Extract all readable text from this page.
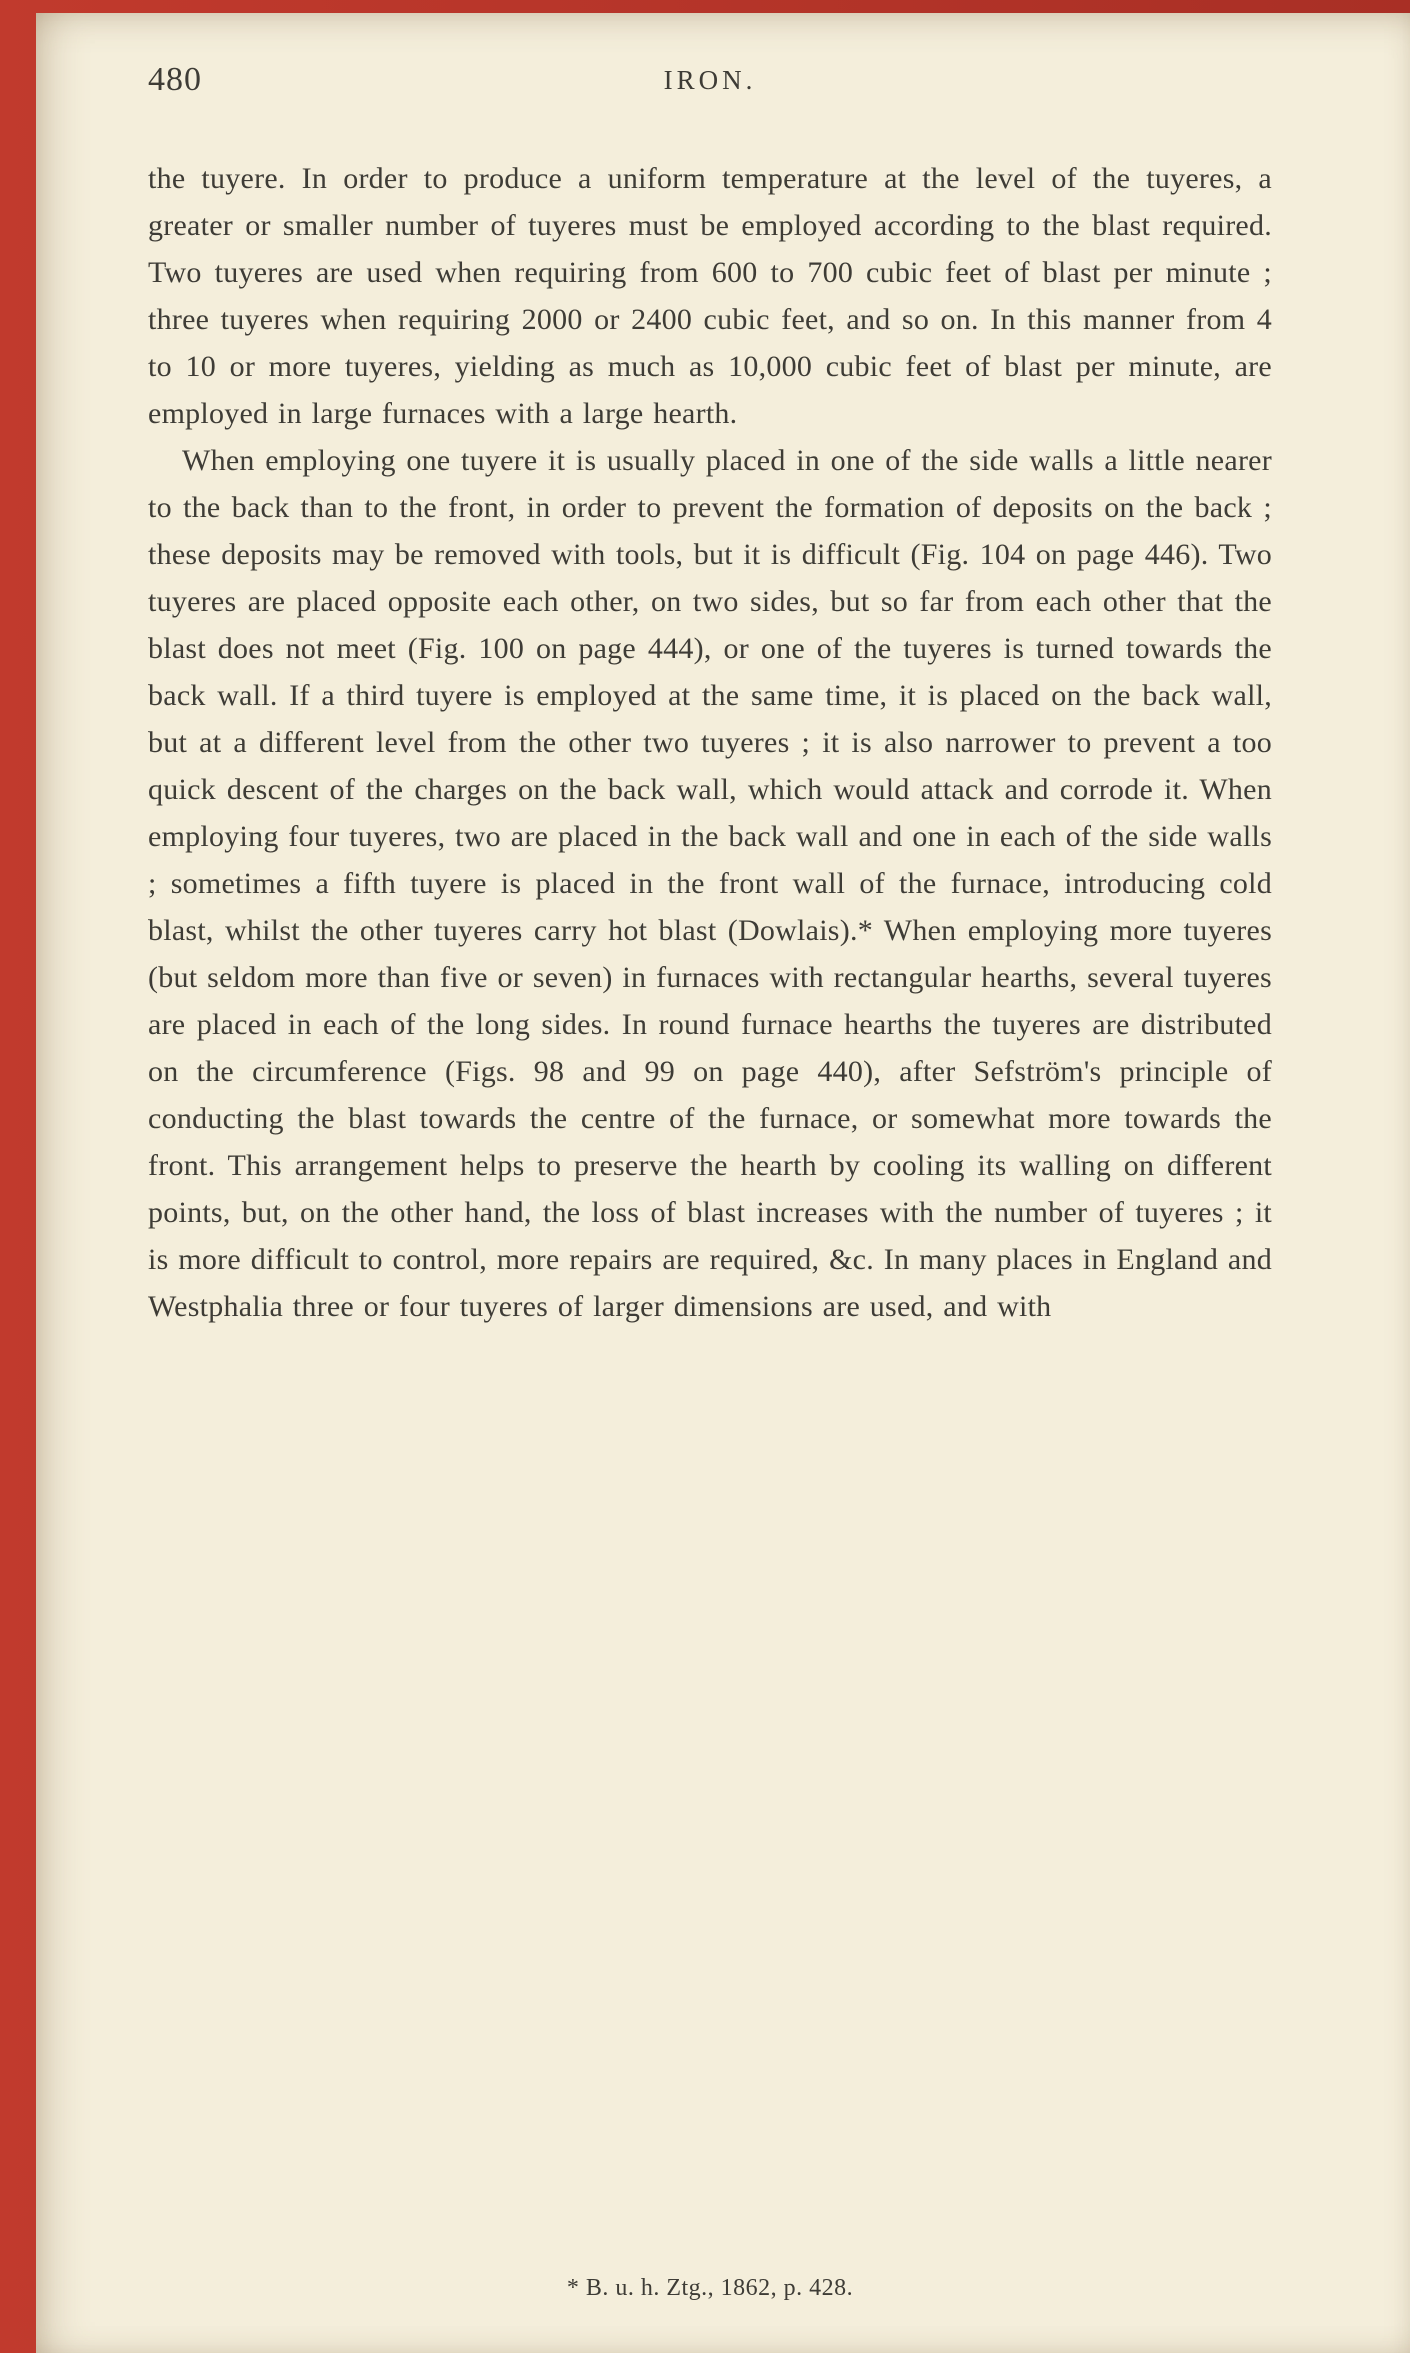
480	IRON.

the tuyere. In order to produce a uniform temperature at the level of the tuyeres, a greater or smaller number of tuyeres must be employed according to the blast required. Two tuyeres are used when requiring from 600 to 700 cubic feet of blast per minute ; three tuyeres when requiring 2000 or 2400 cubic feet, and so on. In this manner from 4 to 10 or more tuyeres, yielding as much as 10,000 cubic feet of blast per minute, are employed in large furnaces with a large hearth.

When employing one tuyere it is usually placed in one of the side walls a little nearer to the back than to the front, in order to prevent the formation of deposits on the back ; these deposits may be removed with tools, but it is difficult (Fig. 104 on page 446). Two tuyeres are placed opposite each other, on two sides, but so far from each other that the blast does not meet (Fig. 100 on page 444), or one of the tuyeres is turned towards the back wall. If a third tuyere is employed at the same time, it is placed on the back wall, but at a different level from the other two tuyeres ; it is also narrower to prevent a too quick descent of the charges on the back wall, which would attack and corrode it. When employing four tuyeres, two are placed in the back wall and one in each of the side walls ; sometimes a fifth tuyere is placed in the front wall of the furnace, introducing cold blast, whilst the other tuyeres carry hot blast (Dowlais).* When employing more tuyeres (but seldom more than five or seven) in furnaces with rectangular hearths, several tuyeres are placed in each of the long sides. In round furnace hearths the tuyeres are distributed on the circumference (Figs. 98 and 99 on page 440), after Sefström's principle of conducting the blast towards the centre of the furnace, or somewhat more towards the front. This arrangement helps to preserve the hearth by cooling its walling on different points, but, on the other hand, the loss of blast increases with the number of tuyeres ; it is more difficult to control, more repairs are required, &c. In many places in England and Westphalia three or four tuyeres of larger dimensions are used, and with

* B. u. h. Ztg., 1862, p. 428.
